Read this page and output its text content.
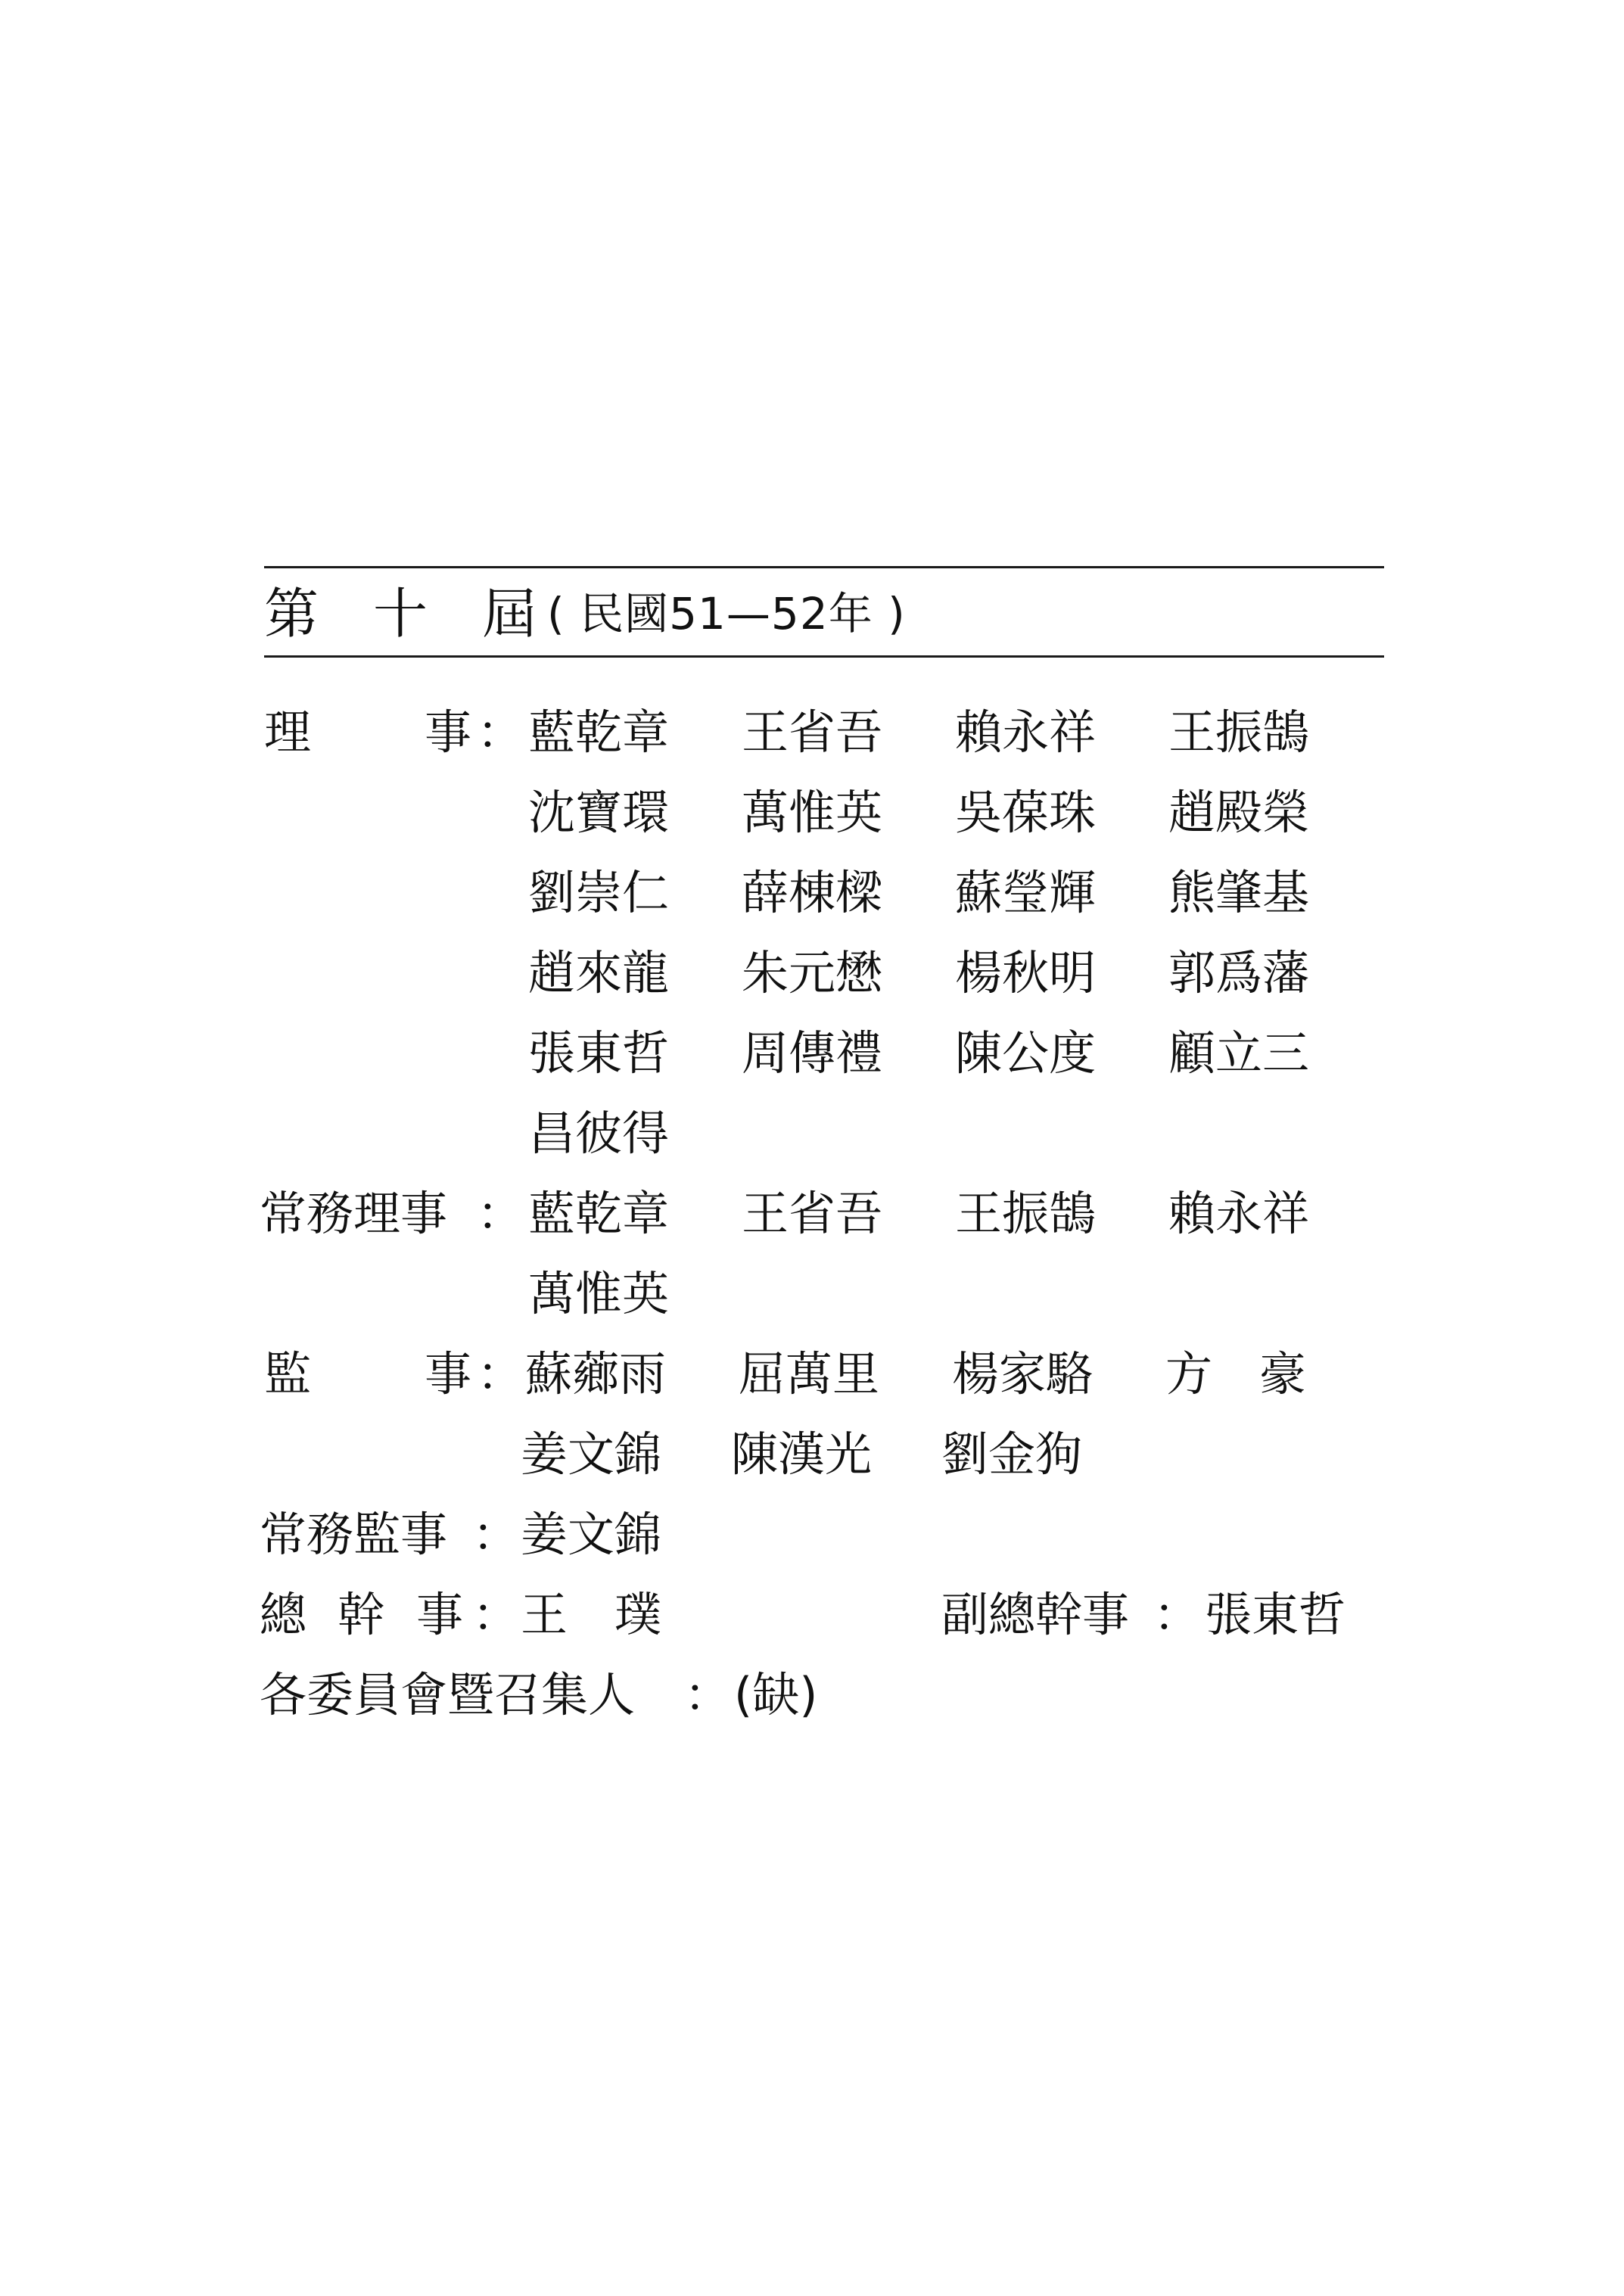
第 十 屆 ( 民國51—52年 )
理 事 ： 藍乾章 王省吾 賴永祥 王振鵠
沈寶環 萬惟英 吳葆珠 趙殿榮
劉崇仁 薛棟樑 蘇瑩輝 熊肇基
趙來龍 朱元懋 楊秋明 郭爲藩
張東哲 周傳禮 陳公度 顧立三
昌彼得
常務理事 ： 藍乾章 王省吾 王振鵠 賴永祥
萬惟英
監 事 ： 蘇薌雨 屈萬里 楊家駱 方　豪
姜文錦 陳漢光 劉金狗
常務監事 ： 姜文錦
總 幹 事 ： 王　璞	副總幹事 ： 張東哲
各委員會暨召集人 ： (缺)
